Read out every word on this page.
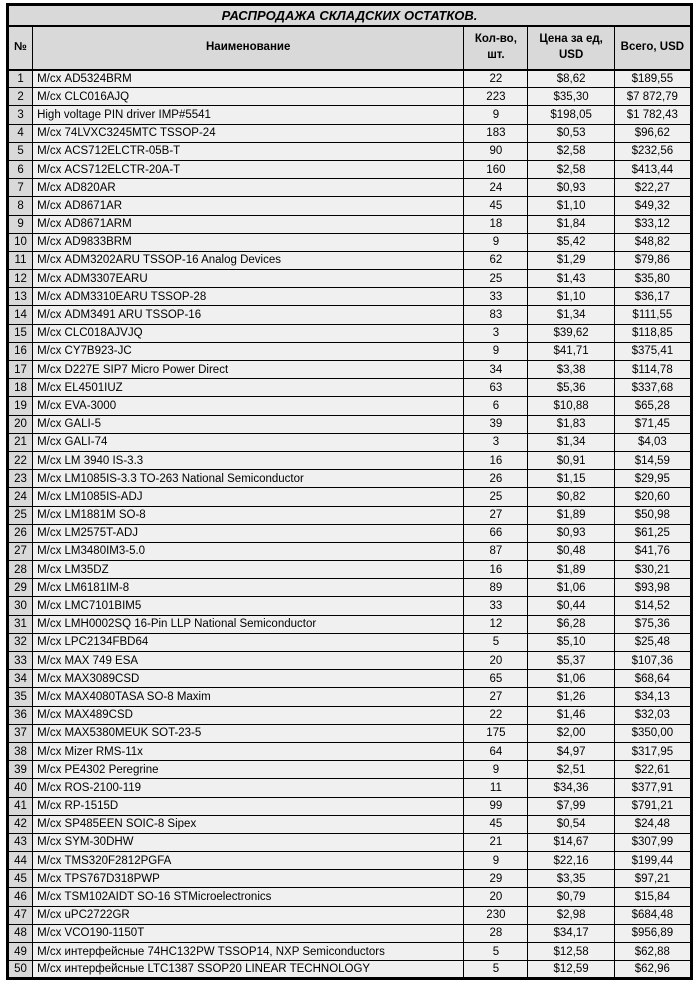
РАСПРОДАЖА СКЛАДСКИХ ОСТАТКОВ.				
№	Наименование	Кол-во, шт.	Цена за ед, USD	Всего, USD
1	М/сх AD5324BRM	22	$8,62	$189,55
2	М/сх CLC016AJQ	223	$35,30	$7 872,79
3	High voltage PIN driver IMP#5541	9	$198,05	$1 782,43
4	М/сх 74LVXC3245MTC TSSOP-24	183	$0,53	$96,62
5	М/сх ACS712ELCTR-05B-T	90	$2,58	$232,56
6	М/сх ACS712ELCTR-20A-T	160	$2,58	$413,44
7	М/сх AD820AR	24	$0,93	$22,27
8	М/сх AD8671AR	45	$1,10	$49,32
9	М/сх AD8671ARM	18	$1,84	$33,12
10	М/сх AD9833BRM	9	$5,42	$48,82
11	М/сх ADM3202ARU TSSOP-16 Analog Devices	62	$1,29	$79,86
12	М/сх ADM3307EARU	25	$1,43	$35,80
13	М/сх ADM3310EARU TSSOP-28	33	$1,10	$36,17
14	М/сх ADM3491 ARU TSSOP-16	83	$1,34	$111,55
15	М/сх CLC018AJVJQ	3	$39,62	$118,85
16	М/сх CY7B923-JC	9	$41,71	$375,41
17	М/сх D227E SIP7 Micro Power Direct	34	$3,38	$114,78
18	М/сх EL4501IUZ	63	$5,36	$337,68
19	М/сх EVA-3000	6	$10,88	$65,28
20	М/сх GALI-5	39	$1,83	$71,45
21	М/сх GALI-74	3	$1,34	$4,03
22	М/сх LM 3940 IS-3.3	16	$0,91	$14,59
23	М/сх LM1085IS-3.3 TO-263 National Semiconductor	26	$1,15	$29,95
24	М/сх LM1085IS-ADJ	25	$0,82	$20,60
25	М/сх LM1881M SO-8	27	$1,89	$50,98
26	М/сх LM2575T-ADJ	66	$0,93	$61,25
27	М/сх LM3480IM3-5.0	87	$0,48	$41,76
28	М/сх LM35DZ	16	$1,89	$30,21
29	М/сх LM6181IM-8	89	$1,06	$93,98
30	М/сх LMC7101BIM5	33	$0,44	$14,52
31	М/сх LMH0002SQ 16-Pin LLP National Semiconductor	12	$6,28	$75,36
32	М/сх LPC2134FBD64	5	$5,10	$25,48
33	М/сх MAX 749 ESA	20	$5,37	$107,36
34	М/сх MAX3089CSD	65	$1,06	$68,64
35	М/сх MAX4080TASA SO-8 Maxim	27	$1,26	$34,13
36	М/сх MAX489CSD	22	$1,46	$32,03
37	М/сх MAX5380MEUK SOT-23-5	175	$2,00	$350,00
38	М/сх Mizer RMS-11x	64	$4,97	$317,95
39	М/сх PE4302 Peregrine	9	$2,51	$22,61
40	М/сх ROS-2100-119	11	$34,36	$377,91
41	М/сх RP-1515D	99	$7,99	$791,21
42	М/сх SP485EEN SOIC-8 Sipex	45	$0,54	$24,48
43	М/сх SYM-30DHW	21	$14,67	$307,99
44	М/сх TMS320F2812PGFA	9	$22,16	$199,44
45	М/сх TPS767D318PWP	29	$3,35	$97,21
46	М/сх TSM102AIDT SO-16 STMicroelectronics	20	$0,79	$15,84
47	М/сх uPC2722GR	230	$2,98	$684,48
48	М/сх VCO190-1150T	28	$34,17	$956,89
49	М/сх интерфейсные 74HC132PW TSSOP14, NXP Semiconductors	5	$12,58	$62,88
50	М/сх интерфейсные LTC1387 SSOP20 LINEAR TECHNOLOGY	5	$12,59	$62,96
